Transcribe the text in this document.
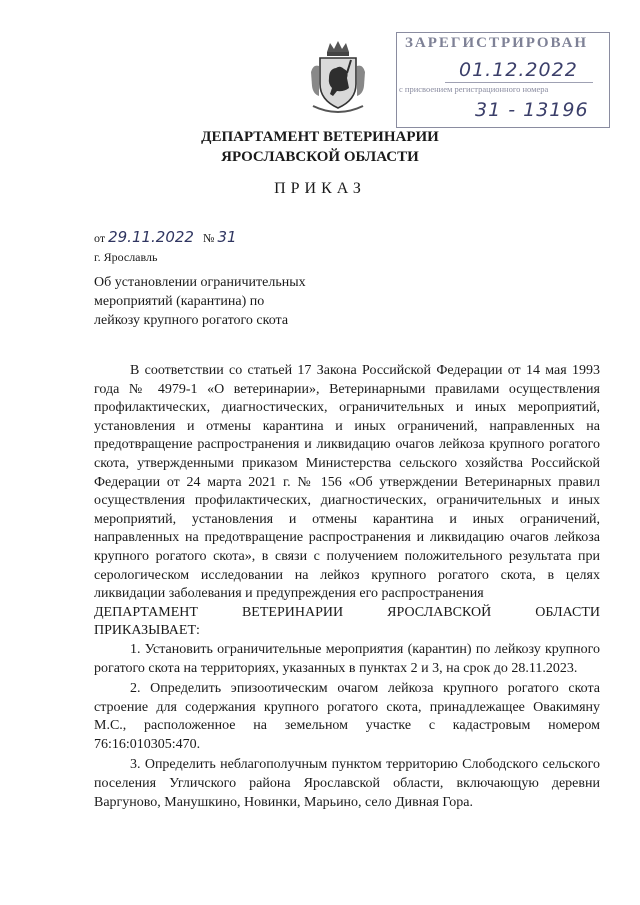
ЗАРЕГИСТРИРОВАН
01.12.2022
с присвоением регистрационного номера
31 - 13196
ДЕПАРТАМЕНТ ВЕТЕРИНАРИИ
ЯРОСЛАВСКОЙ ОБЛАСТИ
ПРИКАЗ
от 29.11.2022 № 31
г. Ярославль
Об установлении ограничительных
мероприятий (карантина) по
лейкозу крупного рогатого скота

В соответствии со статьей 17 Закона Российской Федерации от 14 мая 1993 года № 4979-1 «О ветеринарии», Ветеринарными правилами осуществления профилактических, диагностических, ограничительных и иных мероприятий, установления и отмены карантина и иных ограничений, направленных на предотвращение распространения и ликвидацию очагов лейкоза крупного рогатого скота, утвержденными приказом Министерства сельского хозяйства Российской Федерации от 24 марта 2021 г. № 156 «Об утверждении Ветеринарных правил осуществления профилактических, диагностических, ограничительных и иных мероприятий, установления и отмены карантина и иных ограничений, направленных на предотвращение распространения и ликвидацию очагов лейкоза крупного рогатого скота», в связи с получением положительного результата при серологическом исследовании на лейкоз крупного рогатого скота, в целях ликвидации заболевания и предупреждения его распространения

ДЕПАРТАМЕНТ ВЕТЕРИНАРИИ ЯРОСЛАВСКОЙ ОБЛАСТИ

ПРИКАЗЫВАЕТ:

1. Установить ограничительные мероприятия (карантин) по лейкозу крупного рогатого скота на территориях, указанных в пунктах 2 и 3, на срок до 28.11.2023.

2. Определить эпизоотическим очагом лейкоза крупного рогатого скота строение для содержания крупного рогатого скота, принадлежащее Овакимяну М.С., расположенное на земельном участке с кадастровым номером 76:16:010305:470.

3. Определить неблагополучным пунктом территорию Слободского сельского поселения Угличского района Ярославской области, включающую деревни Варгуново, Манушкино, Новинки, Марьино, село Дивная Гора.
